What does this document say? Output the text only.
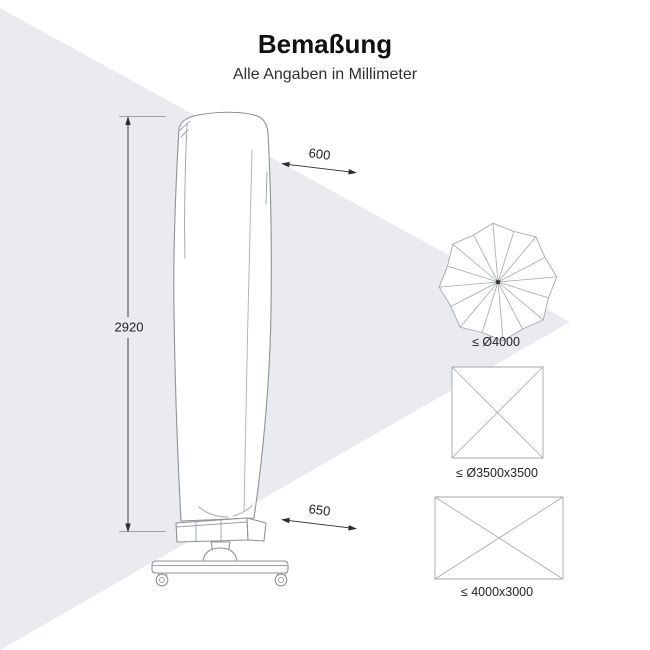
Bemaßung
Alle Angaben in Millimeter
2920
600
650
≤ Ø4000
≤ Ø3500x3500
≤ 4000x3000
